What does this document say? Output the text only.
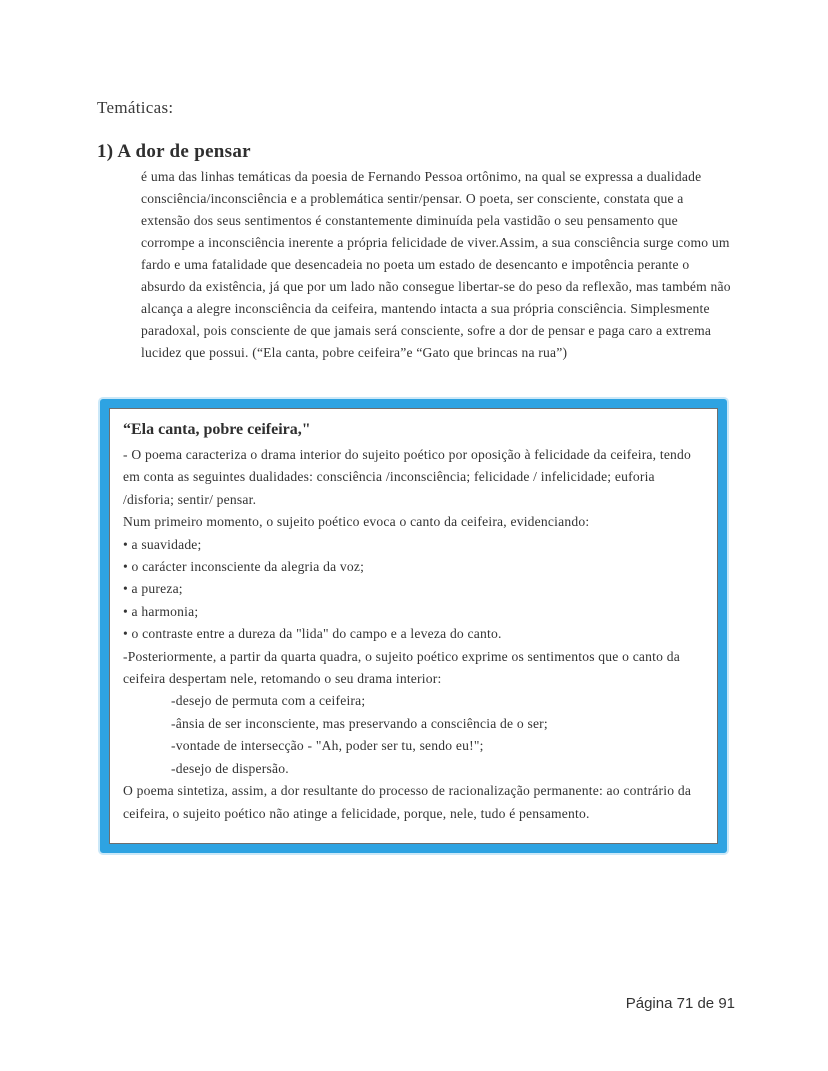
Temáticas:
1) A dor de pensar
é uma das linhas temáticas da poesia de Fernando Pessoa ortônimo, na qual se expressa a dualidade consciência/inconsciência e a problemática sentir/pensar. O poeta, ser consciente, constata que a extensão dos seus sentimentos é constantemente diminuída pela vastidão o seu pensamento que corrompe a inconsciência inerente a própria felicidade de viver.Assim, a sua consciência surge como um fardo e uma fatalidade que desencadeia no poeta um estado de desencanto e impotência perante o absurdo da existência, já que por um lado não consegue libertar-se do peso da reflexão, mas também não alcança a alegre inconsciência da ceifeira, mantendo intacta a sua própria consciência. Simplesmente paradoxal, pois consciente de que jamais será consciente, sofre a dor de pensar e paga caro a extrema lucidez que possui. (“Ela canta, pobre ceifeira”e “Gato que brincas na rua”)
“Ela canta, pobre ceifeira,"
- O poema caracteriza o drama interior do sujeito poético por oposição à felicidade da ceifeira, tendo em conta as seguintes dualidades: consciência /inconsciência; felicidade / infelicidade; euforia /disforia; sentir/ pensar.
Num primeiro momento, o sujeito poético evoca o canto da ceifeira, evidenciando:
• a suavidade;
• o carácter inconsciente da alegria da voz;
• a pureza;
• a harmonia;
• o contraste entre a dureza da "lida" do campo e a leveza do canto.
-Posteriormente, a partir da quarta quadra, o sujeito poético exprime os sentimentos que o canto da ceifeira despertam nele, retomando o seu drama interior:
-desejo de permuta com a ceifeira;
-ânsia de ser inconsciente, mas preservando a consciência de o ser;
-vontade de intersecção - "Ah, poder ser tu, sendo eu!";
-desejo de dispersão.
O poema sintetiza, assim, a dor resultante do processo de racionalização permanente: ao contrário da ceifeira, o sujeito poético não atinge a felicidade, porque, nele, tudo é pensamento.
Página 71 de 91
